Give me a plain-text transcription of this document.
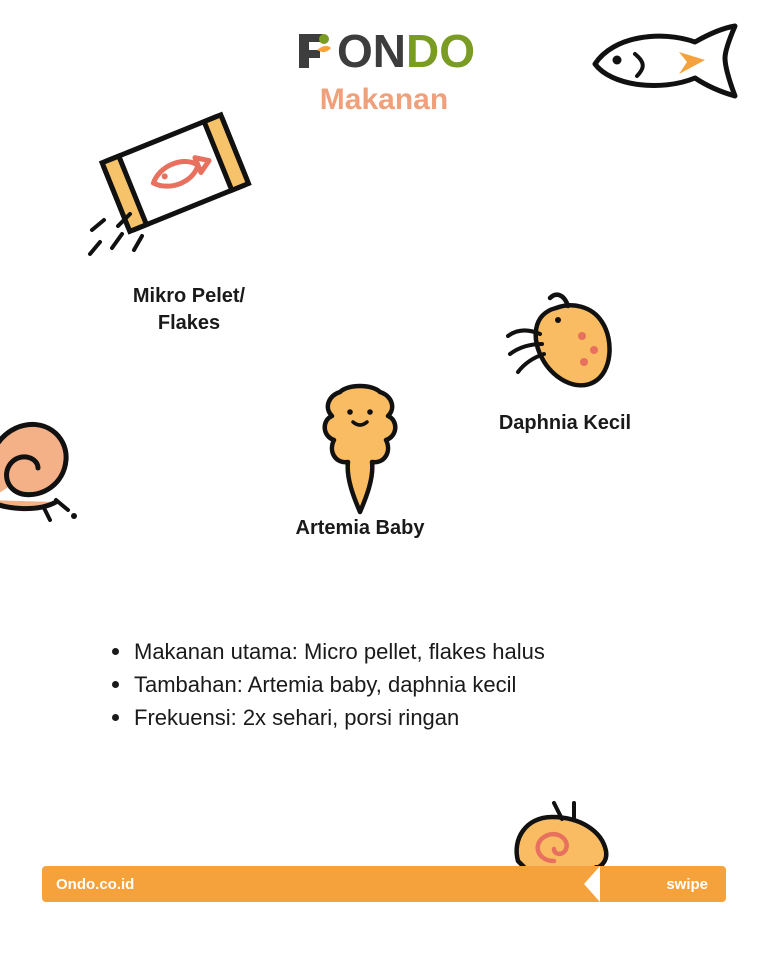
ONDO
Makanan
Mikro Pelet/
Flakes
Artemia Baby
Daphnia Kecil
Makanan utama: Micro pellet, flakes halus
Tambahan: Artemia baby, daphnia kecil
Frekuensi: 2x sehari, porsi ringan
Ondo.co.id	swipe
